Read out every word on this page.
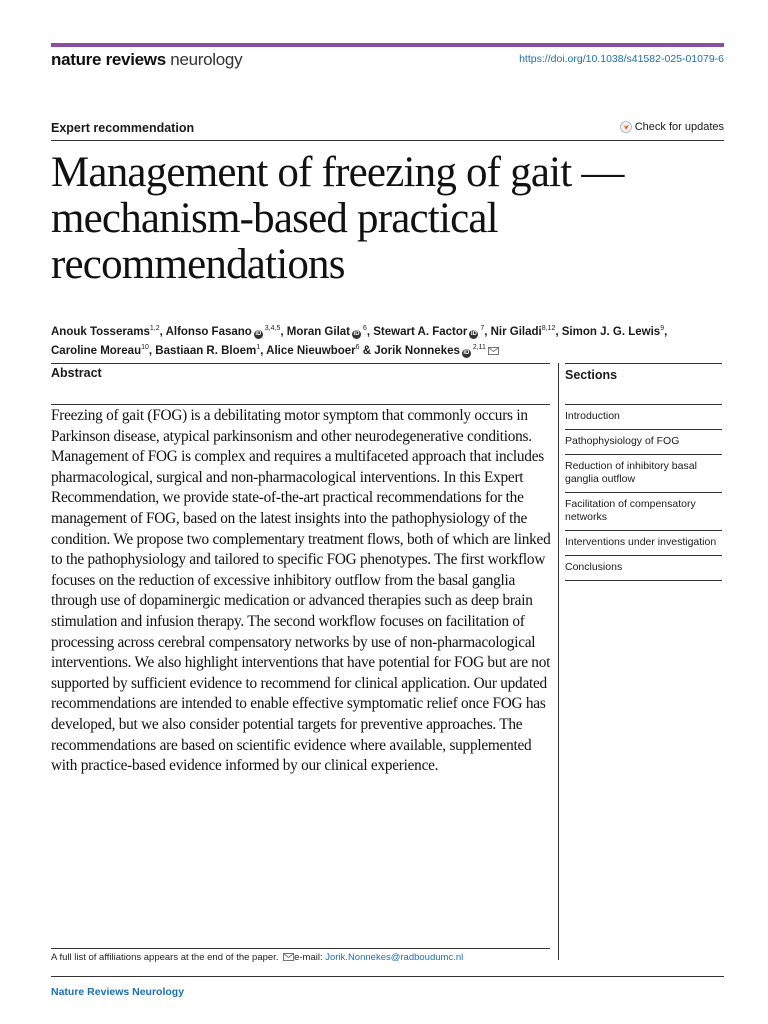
nature reviews neurology	https://doi.org/10.1038/s41582-025-01079-6
Expert recommendation	Check for updates
Management of freezing of gait — mechanism-based practical recommendations
Anouk Tosserams$^{1,2}$, Alfonso Fasano iD $^{3,4,5}$, Moran Gilat iD $^6$, Stewart A. Factor iD $^7$, Nir Giladi$^{8,12}$, Simon J. G. Lewis$^9$,
Caroline Moreau$^{10}$, Bastiaan R. Bloem$^1$, Alice Nieuwboer$^6$ & Jorik Nonnekes iD $^{2,11}$
Abstract

Freezing of gait (FOG) is a debilitating motor symptom that commonly occurs in Parkinson disease, atypical parkinsonism and other neurodegenerative conditions. Management of FOG is complex and requires a multifaceted approach that includes pharmacological, surgical and non-pharmacological interventions. In this Expert Recommendation, we provide state-of-the-art practical recommendations for the management of FOG, based on the latest insights into the pathophysiology of the condition. We propose two complementary treatment flows, both of which are linked to the pathophysiology and tailored to specific FOG phenotypes. The first workflow focuses on the reduction of excessive inhibitory outflow from the basal ganglia through use of dopaminergic medication or advanced therapies such as deep brain stimulation and infusion therapy. The second workflow focuses on facilitation of processing across cerebral compensatory networks by use of non-pharmacological interventions. We also highlight interventions that have potential for FOG but are not supported by sufficient evidence to recommend for clinical application. Our updated recommendations are intended to enable effective symptomatic relief once FOG has developed, but we also consider potential targets for preventive approaches. The recommendations are based on scientific evidence where available, supplemented with practice-based evidence informed by our clinical experience.

Sections
Introduction
Pathophysiology of FOG
Reduction of inhibitory basal ganglia outflow
Facilitation of compensatory networks
Interventions under investigation
Conclusions
A full list of affiliations appears at the end of the paper. e-mail: Jorik.Nonnekes@radboudumc.nl
Nature Reviews Neurology
